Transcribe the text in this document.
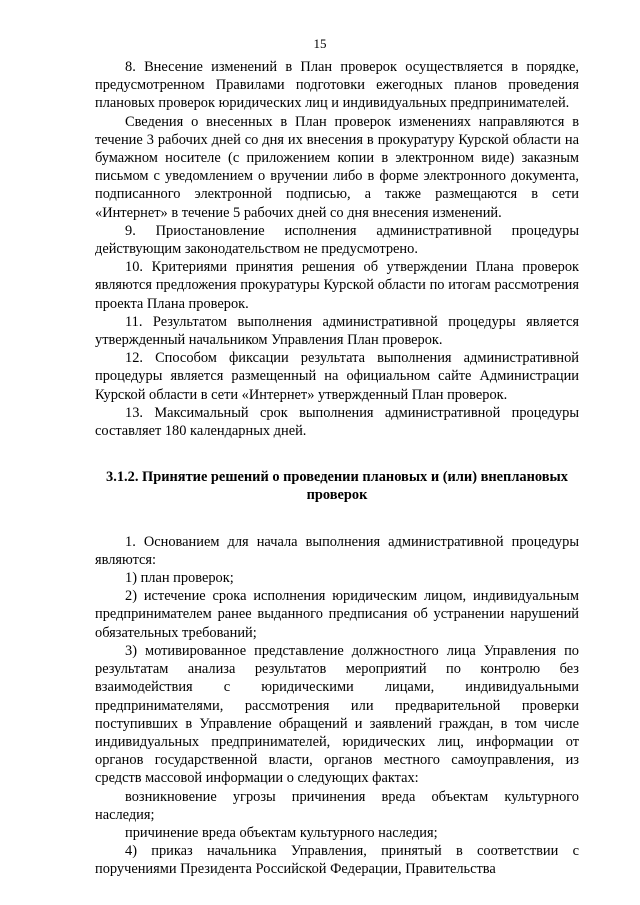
15

8. Внесение изменений в План проверок осуществляется в порядке, предусмотренном Правилами подготовки ежегодных планов проведения плановых проверок юридических лиц и индивидуальных предпринимателей.

Сведения о внесенных в План проверок изменениях направляются в течение 3 рабочих дней со дня их внесения в прокуратуру Курской области на бумажном носителе (с приложением копии в электронном виде) заказным письмом с уведомлением о вручении либо в форме электронного документа, подписанного электронной подписью, а также размещаются в сети «Интернет» в течение 5 рабочих дней со дня внесения изменений.

9. Приостановление исполнения административной процедуры действующим законодательством не предусмотрено.

10. Критериями принятия решения об утверждении Плана проверок являются предложения прокуратуры Курской области по итогам рассмотрения проекта Плана проверок.

11. Результатом выполнения административной процедуры является утвержденный начальником Управления План проверок.

12. Способом фиксации результата выполнения административной процедуры является размещенный на официальном сайте Администрации Курской области в сети «Интернет» утвержденный План проверок.

13. Максимальный срок выполнения административной процедуры составляет 180 календарных дней.

3.1.2. Принятие решений о проведении плановых и (или) внеплановых проверок

1. Основанием для начала выполнения административной процедуры являются:

1) план проверок;

2) истечение срока исполнения юридическим лицом, индивидуальным предпринимателем ранее выданного предписания об устранении нарушений обязательных требований;

3) мотивированное представление должностного лица Управления по результатам анализа результатов мероприятий по контролю без взаимодействия с юридическими лицами, индивидуальными предпринимателями, рассмотрения или предварительной проверки поступивших в Управление обращений и заявлений граждан, в том числе индивидуальных предпринимателей, юридических лиц, информации от органов государственной власти, органов местного самоуправления, из средств массовой информации о следующих фактах:

возникновение угрозы причинения вреда объектам культурного наследия;

причинение вреда объектам культурного наследия;

4) приказ начальника Управления, принятый в соответствии с поручениями Президента Российской Федерации, Правительства
